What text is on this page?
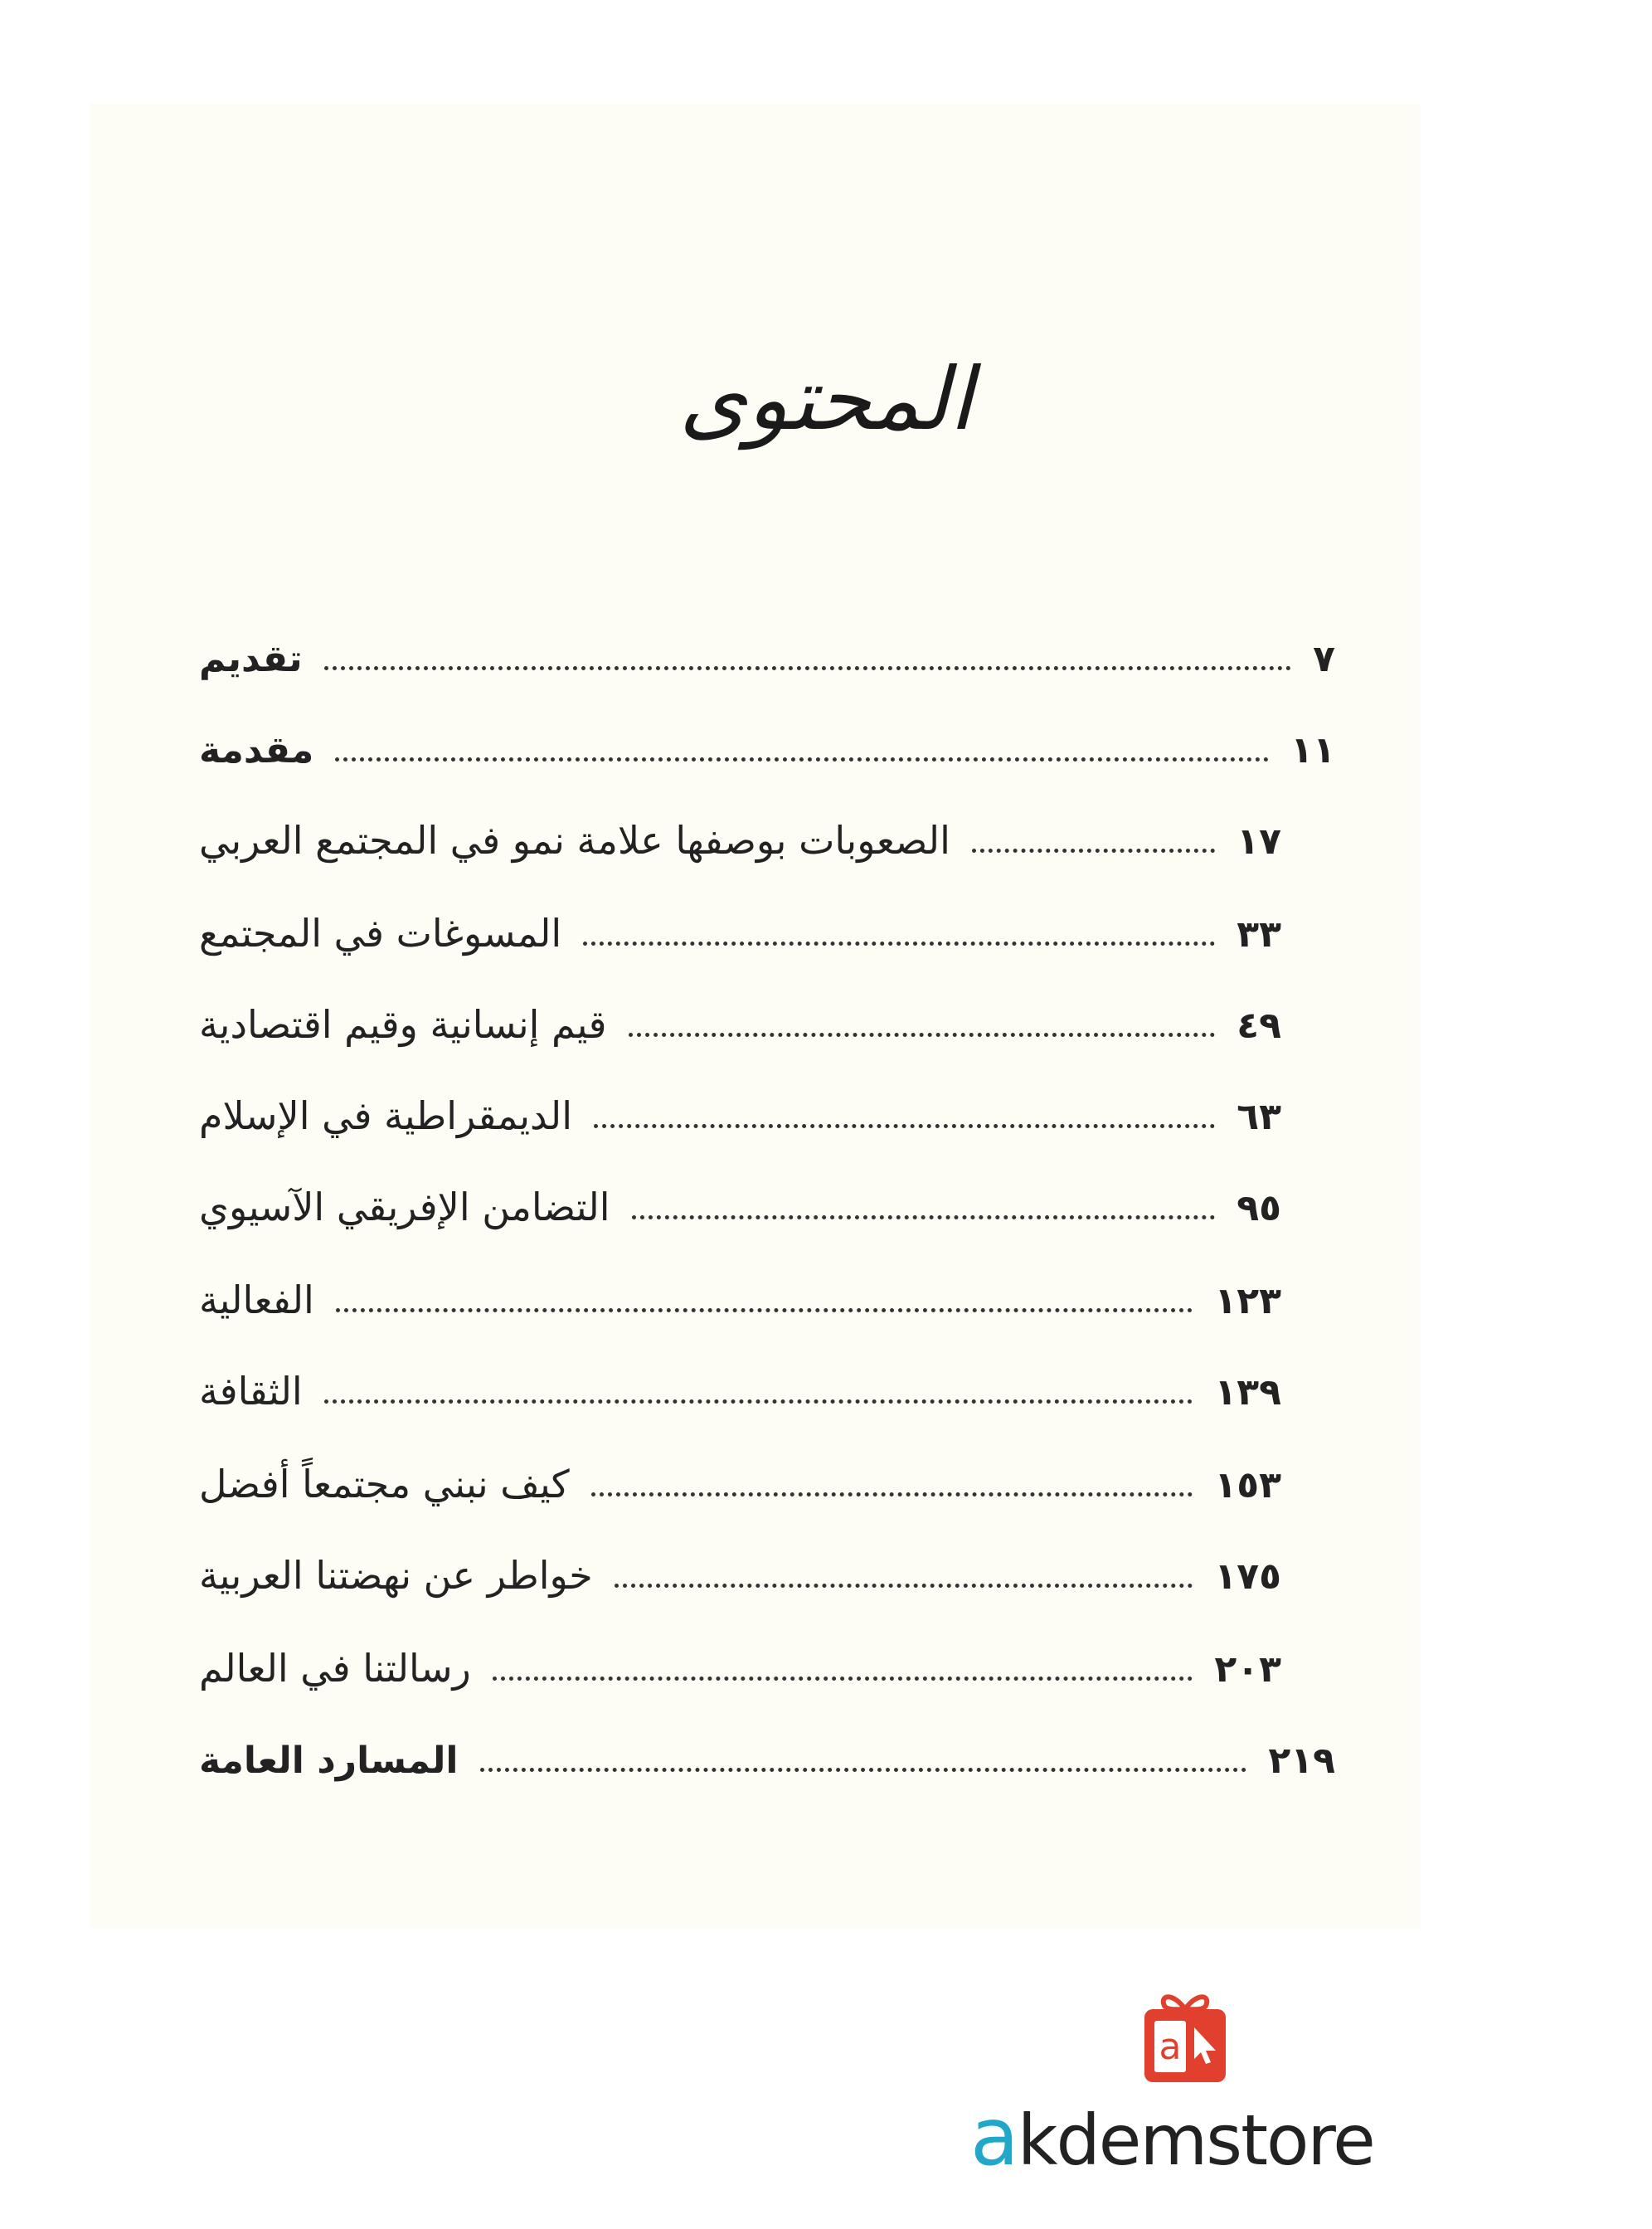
المحتوى
تقديم	٧
مقدمة	١١
الصعوبات بوصفها علامة نمو في المجتمع العربي	١٧
المسوغات في المجتمع	٣٣
قيم إنسانية وقيم اقتصادية	٤٩
الديمقراطية في الإسلام	٦٣
التضامن الإفريقي الآسيوي	٩٥
الفعالية	١٢٣
الثقافة	١٣٩
كيف نبني مجتمعاً أفضل	١٥٣
خواطر عن نهضتنا العربية	١٧٥
رسالتنا في العالم	٢٠٣
المسارد العامة	٢١٩
a
akdemstore
